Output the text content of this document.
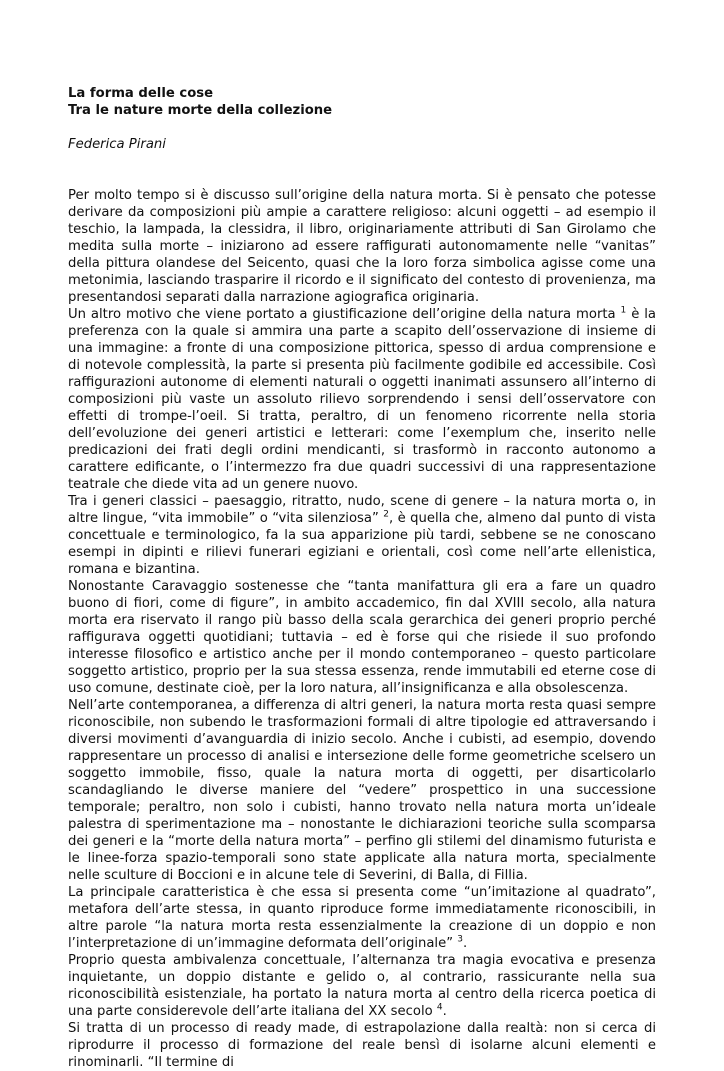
La forma delle cose

Tra le nature morte della collezione

Federica Pirani

Per molto tempo si è discusso sull’origine della natura morta. Si è pensato che potesse derivare da composizioni più ampie a carattere religioso: alcuni oggetti – ad esempio il teschio, la lampada, la clessidra, il libro, originariamente attributi di San Girolamo che medita sulla morte – iniziarono ad essere raffigurati autonomamente nelle “vanitas” della pittura olandese del Seicento, quasi che la loro forza simbolica agisse come una metonimia, lasciando trasparire il ricordo e il significato del contesto di provenienza, ma presentandosi separati dalla narrazione agiografica originaria.

Un altro motivo che viene portato a giustificazione dell’origine della natura morta $^1$ è la preferenza con la quale si ammira una parte a scapito dell’osservazione di insieme di una immagine: a fronte di una composizione pittorica, spesso di ardua comprensione e di notevole complessità, la parte si presenta più facilmente godibile ed accessibile. Così raffigurazioni autonome di elementi naturali o oggetti inanimati assunsero all’interno di composizioni più vaste un assoluto rilievo sorprendendo i sensi dell’osservatore con effetti di trompe-l’oeil. Si tratta, peraltro, di un fenomeno ricorrente nella storia dell’evoluzione dei generi artistici e letterari: come l’exemplum che, inserito nelle predicazioni dei frati degli ordini mendicanti, si trasformò in racconto autonomo a carattere edificante, o l’intermezzo fra due quadri successivi di una rappresentazione teatrale che diede vita ad un genere nuovo.

Tra i generi classici – paesaggio, ritratto, nudo, scene di genere – la natura morta o, in altre lingue, “vita immobile” o “vita silenziosa” $^2$, è quella che, almeno dal punto di vista concettuale e terminologico, fa la sua apparizione più tardi, sebbene se ne conoscano esempi in dipinti e rilievi funerari egiziani e orientali, così come nell’arte ellenistica, romana e bizantina.

Nonostante Caravaggio sostenesse che “tanta manifattura gli era a fare un quadro buono di fiori, come di figure”, in ambito accademico, fin dal XVIII secolo, alla natura morta era riservato il rango più basso della scala gerarchica dei generi proprio perché raffigurava oggetti quotidiani; tuttavia – ed è forse qui che risiede il suo profondo interesse filosofico e artistico anche per il mondo contemporaneo – questo particolare soggetto artistico, proprio per la sua stessa essenza, rende immutabili ed eterne cose di uso comune, destinate cioè, per la loro natura, all’insignificanza e alla obsolescenza.

Nell’arte contemporanea, a differenza di altri generi, la natura morta resta quasi sempre riconoscibile, non subendo le trasformazioni formali di altre tipologie ed attraversando i diversi movimenti d’avanguardia di inizio secolo. Anche i cubisti, ad esempio, dovendo rappresentare un processo di analisi e intersezione delle forme geometriche scelsero un soggetto immobile, fisso, quale la natura morta di oggetti, per disarticolarlo scandagliando le diverse maniere del “vedere” prospettico in una successione temporale; peraltro, non solo i cubisti, hanno trovato nella natura morta un’ideale palestra di sperimentazione ma – nonostante le dichiarazioni teoriche sulla scomparsa dei generi e la “morte della natura morta” – perfino gli stilemi del dinamismo futurista e le linee-forza spazio-temporali sono state applicate alla natura morta, specialmente nelle sculture di Boccioni e in alcune tele di Severini, di Balla, di Fillia.

La principale caratteristica è che essa si presenta come “un’imitazione al quadrato”, metafora dell’arte stessa, in quanto riproduce forme immediatamente riconoscibili, in altre parole “la natura morta resta essenzialmente la creazione di un doppio e non l’interpretazione di un’immagine deformata dell’originale” $^3$.

Proprio questa ambivalenza concettuale, l’alternanza tra magia evocativa e presenza inquietante, un doppio distante e gelido o, al contrario, rassicurante nella sua riconoscibilità esistenziale, ha portato la natura morta al centro della ricerca poetica di una parte considerevole dell’arte italiana del XX secolo $^4$.

Si tratta di un processo di ready made, di estrapolazione dalla realtà: non si cerca di riprodurre il processo di formazione del reale bensì di isolarne alcuni elementi e rinominarli. “Il termine di
